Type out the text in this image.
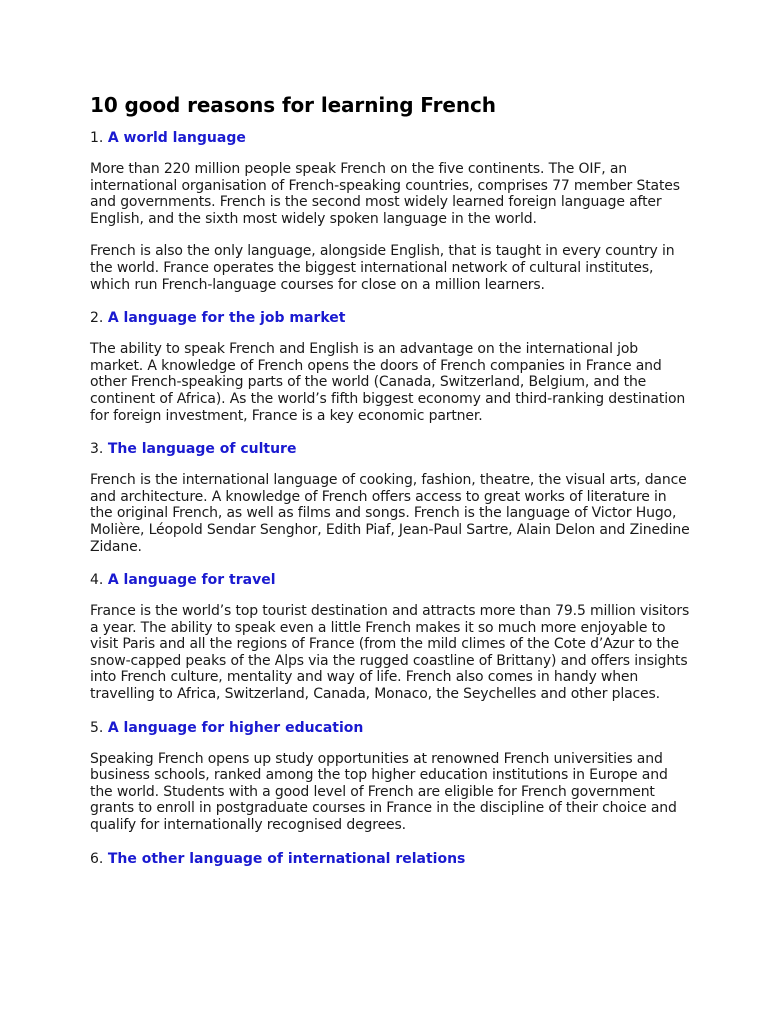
10 good reasons for learning French
1. A world language

More than 220 million people speak French on the five continents. The OIF, an international organisation of French-speaking countries, comprises 77 member States and governments. French is the second most widely learned foreign language after English, and the sixth most widely spoken language in the world.

French is also the only language, alongside English, that is taught in every country in the world. France operates the biggest international network of cultural institutes, which run French-language courses for close on a million learners.

2. A language for the job market

The ability to speak French and English is an advantage on the international job market. A knowledge of French opens the doors of French companies in France and other French-speaking parts of the world (Canada, Switzerland, Belgium, and the continent of Africa). As the world’s fifth biggest economy and third-ranking destination for foreign investment, France is a key economic partner.

3. The language of culture

French is the international language of cooking, fashion, theatre, the visual arts, dance and architecture. A knowledge of French offers access to great works of literature in the original French, as well as films and songs. French is the language of Victor Hugo, Molière, Léopold Sendar Senghor, Edith Piaf, Jean-Paul Sartre, Alain Delon and Zinedine Zidane.

4. A language for travel

France is the world’s top tourist destination and attracts more than 79.5 million visitors a year. The ability to speak even a little French makes it so much more enjoyable to visit Paris and all the regions of France (from the mild climes of the Cote d’Azur to the snow-capped peaks of the Alps via the rugged coastline of Brittany) and offers insights into French culture, mentality and way of life. French also comes in handy when travelling to Africa, Switzerland, Canada, Monaco, the Seychelles and other places.

5. A language for higher education

Speaking French opens up study opportunities at renowned French universities and business schools, ranked among the top higher education institutions in Europe and the world. Students with a good level of French are eligible for French government grants to enroll in postgraduate courses in France in the discipline of their choice and qualify for internationally recognised degrees.

6. The other language of international relations
